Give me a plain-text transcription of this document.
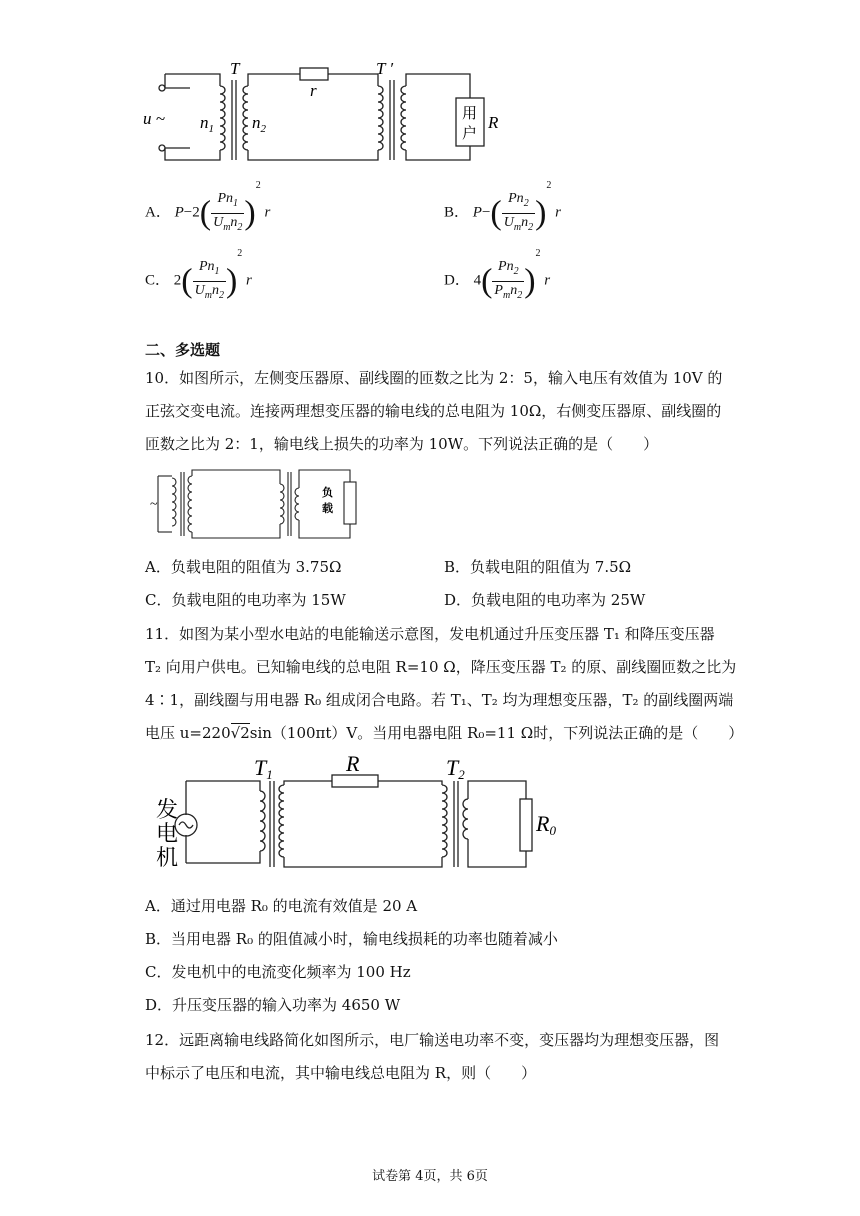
u ~ $n_1$ $n_2$
T	T ′
r
用
户
R
A． $P-2( \frac{Pn_1}{U_mn_2} )^2$ r	B． $P-( \frac{Pn_2}{U_mn_2} )^2$ r
C． $2( \frac{Pn_1}{U_mn_2} )^2$ r	D． $4( \frac{Pn_2}{P_mn_2} )^2$ r
二、多选题
10．如图所示，左侧变压器原、副线圈的匝数之比为 2：5，输入电压有效值为 10V 的
正弦交变电流。连接两理想变压器的输电线的总电阻为 10Ω，右侧变压器原、副线圈的
匝数之比为 2：1，输电线上损失的功率为 10W。下列说法正确的是（　　）
~
负
载
A．负载电阻的阻值为 3.75Ω	B．负载电阻的阻值为 7.5Ω
C．负载电阻的电功率为 15W	D．负载电阻的电功率为 25W
11．如图为某小型水电站的电能输送示意图，发电机通过升压变压器 T₁ 和降压变压器
T₂ 向用户供电。已知输电线的总电阻 R=10 Ω，降压变压器 T₂ 的原、副线圈匝数之比为
4∶1，副线圈与用电器 R₀ 组成闭合电路。若 T₁、T₂ 均为理想变压器，T₂ 的副线圈两端
电压 u=220√2sin（100πt）V。当用电器电阻 R₀=11 Ω时，下列说法正确的是（　　）
发
电
机
T1	T2
R
R0
A．通过用电器 R₀ 的电流有效值是 20 A
B．当用电器 R₀ 的阻值减小时，输电线损耗的功率也随着减小
C．发电机中的电流变化频率为 100 Hz
D．升压变压器的输入功率为 4650 W
12．远距离输电线路简化如图所示，电厂输送电功率不变，变压器均为理想变压器，图
中标示了电压和电流，其中输电线总电阻为 R，则（　　）
试卷第 4页，共 6页
